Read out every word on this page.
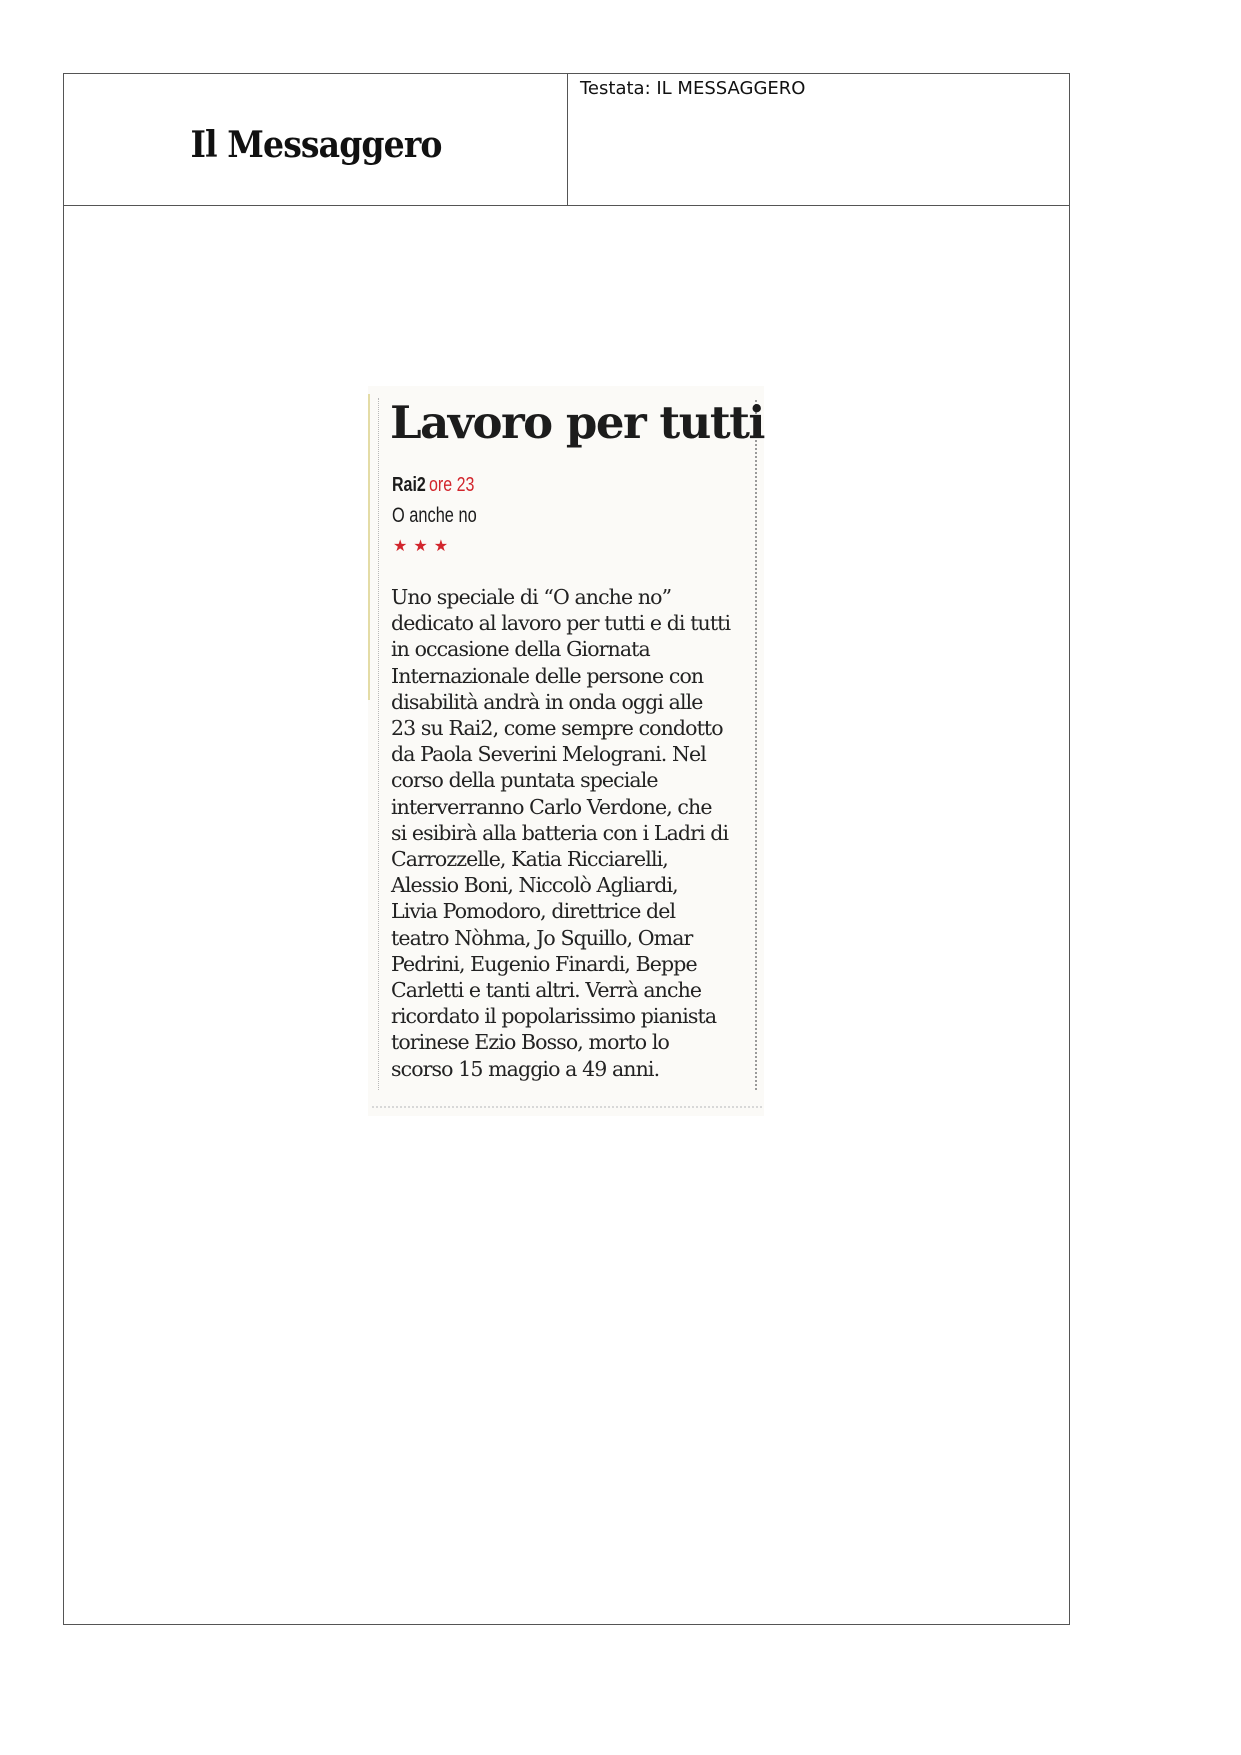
Il Messaggero
Testata: IL MESSAGGERO
Lavoro per tutti
Rai2 ore 23
O anche no
★★★
Uno speciale di “O anche no”
dedicato al lavoro per tutti e di tutti
in occasione della Giornata
Internazionale delle persone con
disabilità andrà in onda oggi alle
23 su Rai2, come sempre condotto
da Paola Severini Melograni. Nel
corso della puntata speciale
interverranno Carlo Verdone, che
si esibirà alla batteria con i Ladri di
Carrozzelle, Katia Ricciarelli,
Alessio Boni, Niccolò Agliardi,
Livia Pomodoro, direttrice del
teatro Nòhma, Jo Squillo, Omar
Pedrini, Eugenio Finardi, Beppe
Carletti e tanti altri. Verrà anche
ricordato il popolarissimo pianista
torinese Ezio Bosso, morto lo
scorso 15 maggio a 49 anni.
